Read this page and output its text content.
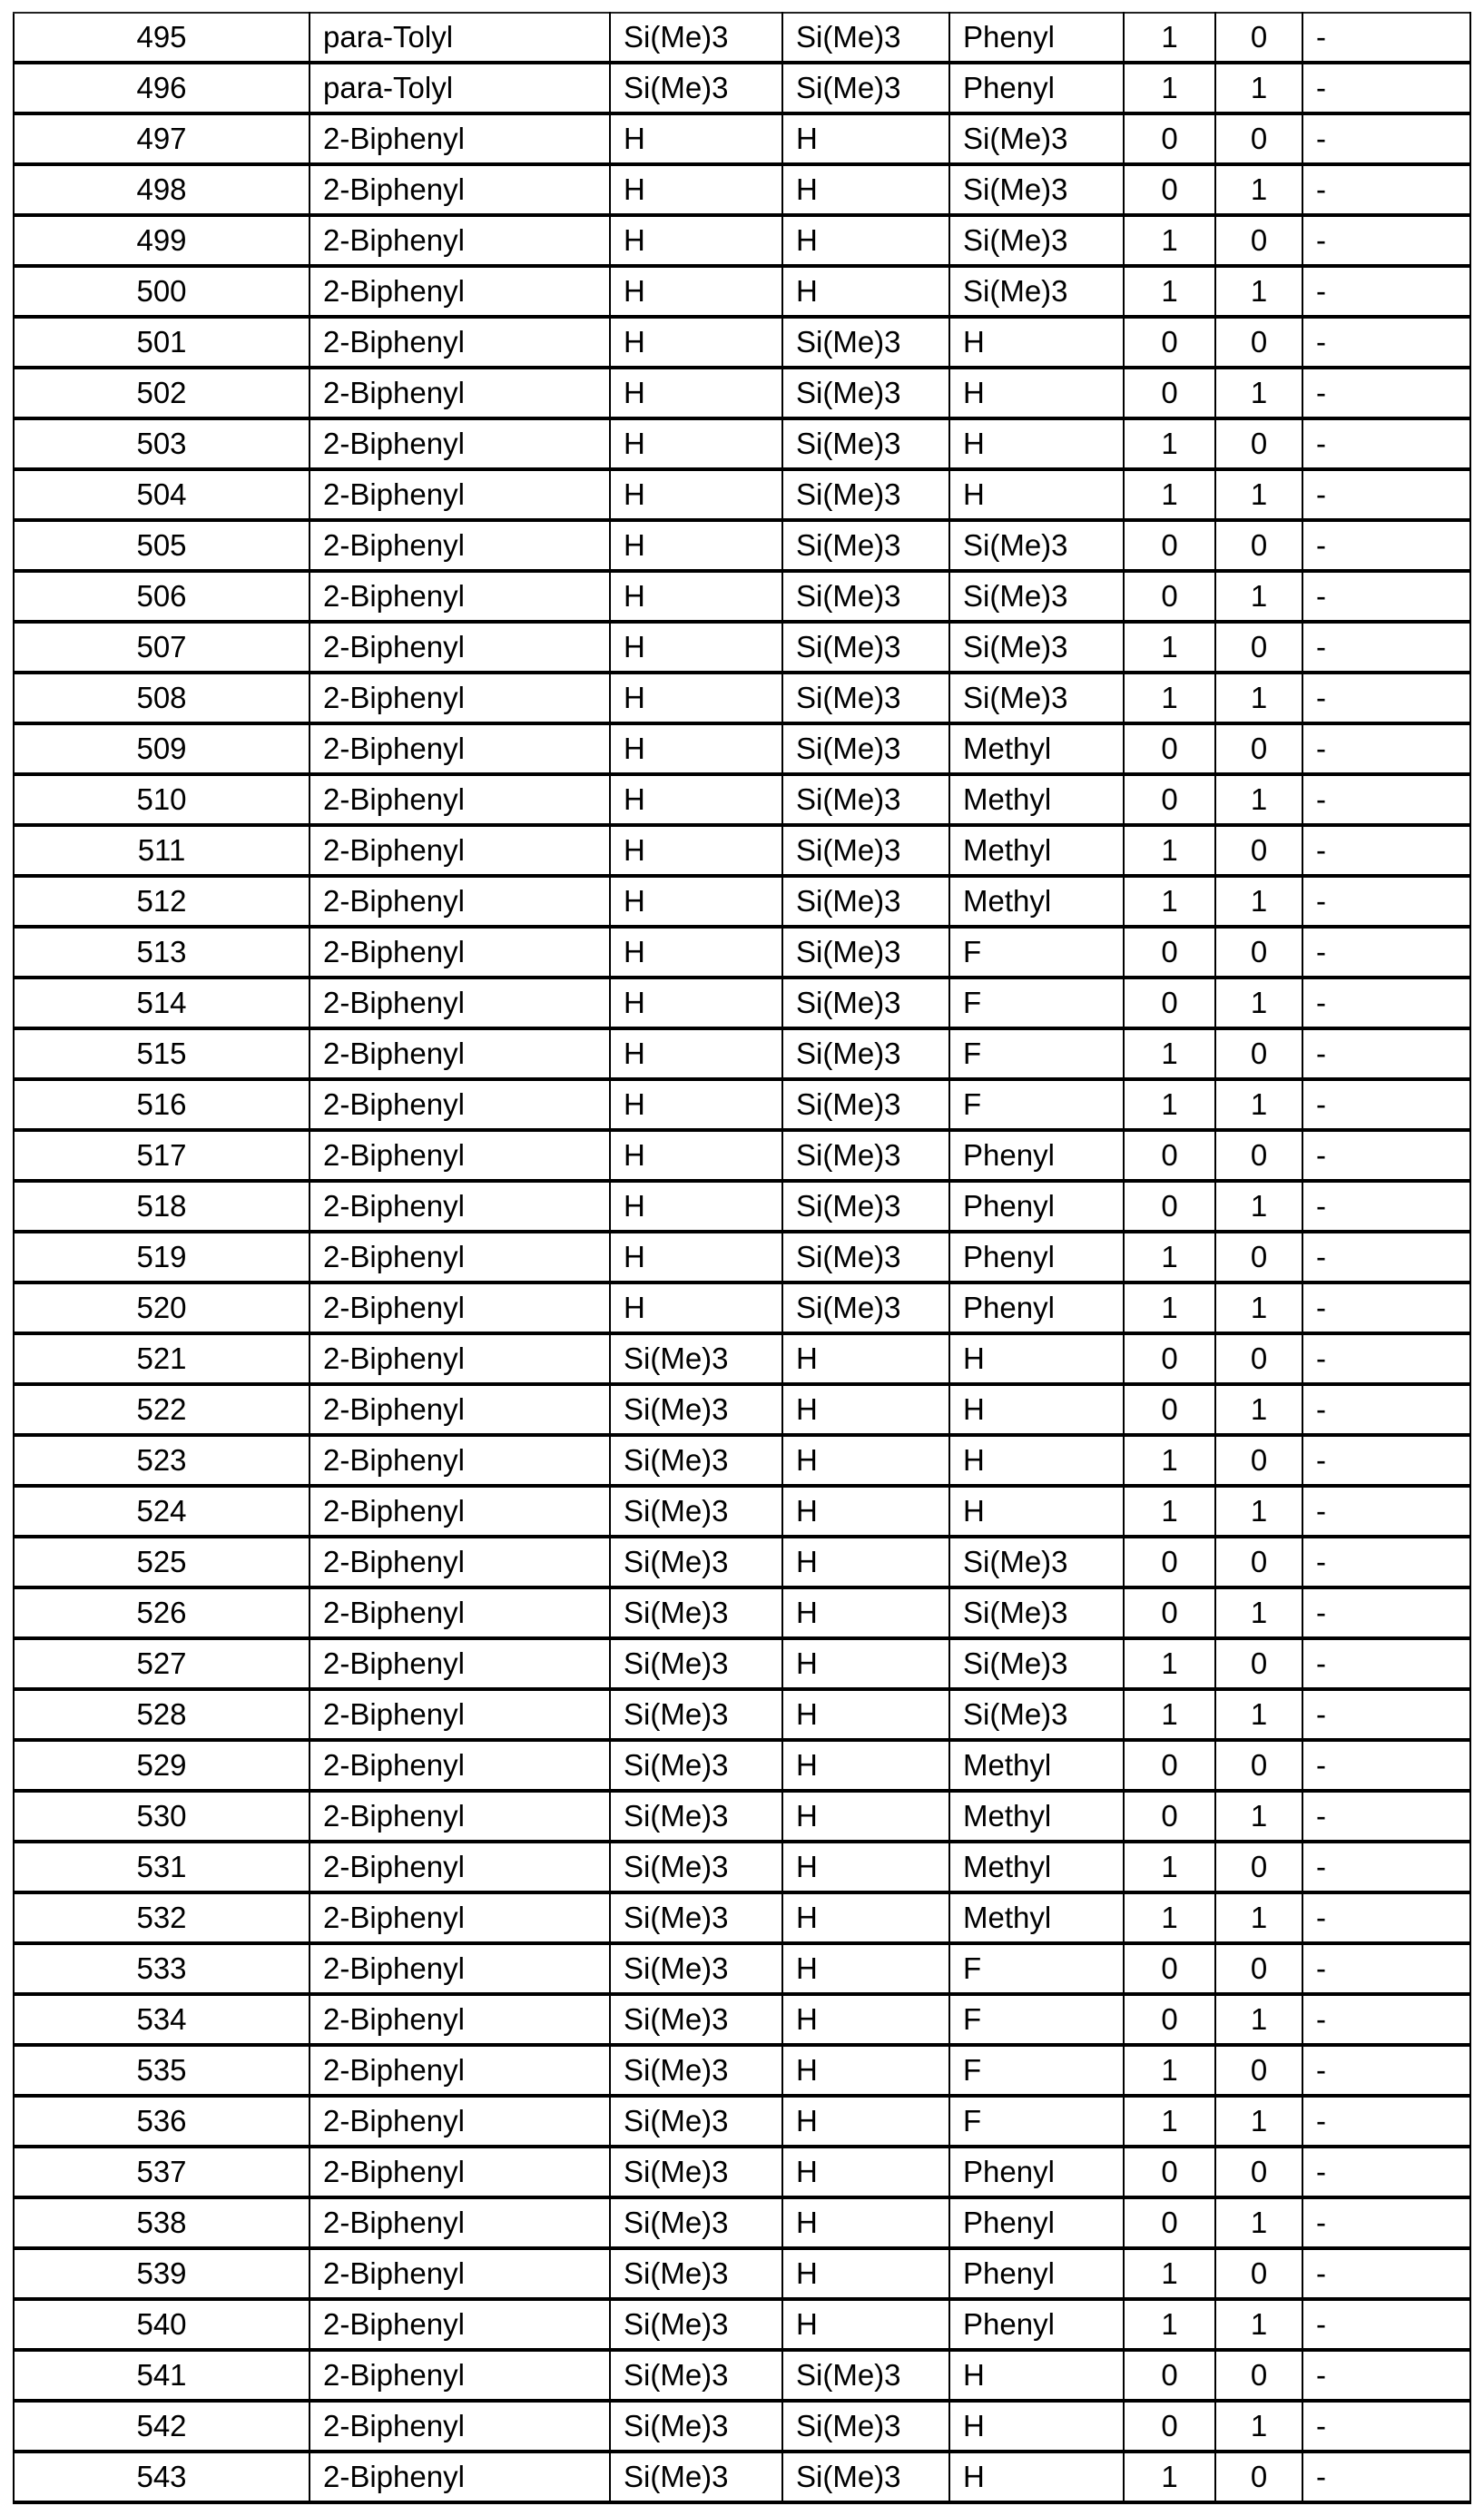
495	para-Tolyl	Si(Me)3	Si(Me)3	Phenyl	1	0	-
496	para-Tolyl	Si(Me)3	Si(Me)3	Phenyl	1	1	-
497	2-Biphenyl	H	H	Si(Me)3	0	0	-
498	2-Biphenyl	H	H	Si(Me)3	0	1	-
499	2-Biphenyl	H	H	Si(Me)3	1	0	-
500	2-Biphenyl	H	H	Si(Me)3	1	1	-
501	2-Biphenyl	H	Si(Me)3	H	0	0	-
502	2-Biphenyl	H	Si(Me)3	H	0	1	-
503	2-Biphenyl	H	Si(Me)3	H	1	0	-
504	2-Biphenyl	H	Si(Me)3	H	1	1	-
505	2-Biphenyl	H	Si(Me)3	Si(Me)3	0	0	-
506	2-Biphenyl	H	Si(Me)3	Si(Me)3	0	1	-
507	2-Biphenyl	H	Si(Me)3	Si(Me)3	1	0	-
508	2-Biphenyl	H	Si(Me)3	Si(Me)3	1	1	-
509	2-Biphenyl	H	Si(Me)3	Methyl	0	0	-
510	2-Biphenyl	H	Si(Me)3	Methyl	0	1	-
511	2-Biphenyl	H	Si(Me)3	Methyl	1	0	-
512	2-Biphenyl	H	Si(Me)3	Methyl	1	1	-
513	2-Biphenyl	H	Si(Me)3	F	0	0	-
514	2-Biphenyl	H	Si(Me)3	F	0	1	-
515	2-Biphenyl	H	Si(Me)3	F	1	0	-
516	2-Biphenyl	H	Si(Me)3	F	1	1	-
517	2-Biphenyl	H	Si(Me)3	Phenyl	0	0	-
518	2-Biphenyl	H	Si(Me)3	Phenyl	0	1	-
519	2-Biphenyl	H	Si(Me)3	Phenyl	1	0	-
520	2-Biphenyl	H	Si(Me)3	Phenyl	1	1	-
521	2-Biphenyl	Si(Me)3	H	H	0	0	-
522	2-Biphenyl	Si(Me)3	H	H	0	1	-
523	2-Biphenyl	Si(Me)3	H	H	1	0	-
524	2-Biphenyl	Si(Me)3	H	H	1	1	-
525	2-Biphenyl	Si(Me)3	H	Si(Me)3	0	0	-
526	2-Biphenyl	Si(Me)3	H	Si(Me)3	0	1	-
527	2-Biphenyl	Si(Me)3	H	Si(Me)3	1	0	-
528	2-Biphenyl	Si(Me)3	H	Si(Me)3	1	1	-
529	2-Biphenyl	Si(Me)3	H	Methyl	0	0	-
530	2-Biphenyl	Si(Me)3	H	Methyl	0	1	-
531	2-Biphenyl	Si(Me)3	H	Methyl	1	0	-
532	2-Biphenyl	Si(Me)3	H	Methyl	1	1	-
533	2-Biphenyl	Si(Me)3	H	F	0	0	-
534	2-Biphenyl	Si(Me)3	H	F	0	1	-
535	2-Biphenyl	Si(Me)3	H	F	1	0	-
536	2-Biphenyl	Si(Me)3	H	F	1	1	-
537	2-Biphenyl	Si(Me)3	H	Phenyl	0	0	-
538	2-Biphenyl	Si(Me)3	H	Phenyl	0	1	-
539	2-Biphenyl	Si(Me)3	H	Phenyl	1	0	-
540	2-Biphenyl	Si(Me)3	H	Phenyl	1	1	-
541	2-Biphenyl	Si(Me)3	Si(Me)3	H	0	0	-
542	2-Biphenyl	Si(Me)3	Si(Me)3	H	0	1	-
543	2-Biphenyl	Si(Me)3	Si(Me)3	H	1	0	-
